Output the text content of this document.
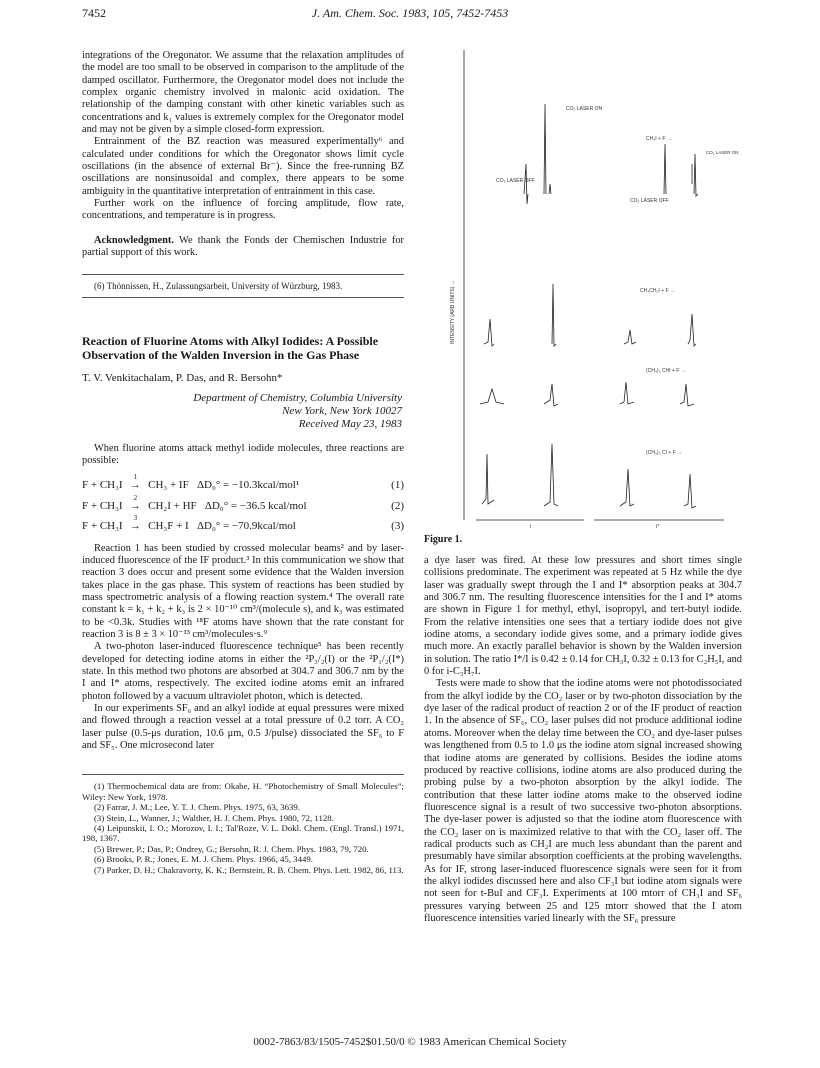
7452	J. Am. Chem. Soc. 1983, 105, 7452-7453

integrations of the Oregonator. We assume that the relaxation amplitudes of the model are too small to be observed in comparison to the amplitude of the damped oscillator. Furthermore, the Oregonator model does not include the complex organic chemistry involved in malonic acid oxidation. The relationship of the damping constant with other kinetic variables such as concentrations and k₁ values is extremely complex for the Oregonator model and may not be given by a simple closed-form expression.

Entrainment of the BZ reaction was measured experimentally⁶ and calculated under conditions for which the Oregonator shows limit cycle oscillations (in the absence of external Br⁻). Since the free-running BZ oscillations are nonsinusoidal and complex, there appears to be some ambiguity in the quantitative interpretation of entrainment in this case.

Further work on the influence of forcing amplitude, flow rate, concentrations, and temperature is in progress.

Acknowledgment. We thank the Fonds der Chemischen Industrie for partial support of this work.

(6) Thönnissen, H., Zulassungsarbeit, University of Würzburg, 1983.

Reaction of Fluorine Atoms with Alkyl Iodides: A Possible Observation of the Walden Inversion in the Gas Phase

T. V. Venkitachalam, P. Das, and R. Bersohn*

Department of Chemistry, Columbia University
New York, New York 10027
Received May 23, 1983

When fluorine atoms attack methyl iodide molecules, three reactions are possible:

F + CH₃I
1
→ CH₃ + IF ΔD₀° = −10.3kcal/mol¹	(1)
F + CH₃I
2
→ CH₂I + HF ΔD₀° = −36.5 kcal/mol	(2)
F + CH₃I
3
→ CH₃F + I ΔD₀° = −70.9kcal/mol	(3)

Reaction 1 has been studied by crossed molecular beams² and by laser-induced fluorescence of the IF product.³ In this communication we show that reaction 3 does occur and present some evidence that the Walden inversion takes place in the gas phase. This system of reactions has been studied by mass spectrometric analysis of a flowing reaction system.⁴ The overall rate constant k = k₁ + k₂ + k₃ is 2 × 10⁻¹⁰ cm³/(molecule s), and k₃ was estimated to be <0.3k. Studies with ¹⁸F atoms have shown that the rate constant for reaction 3 is 8 ± 3 × 10⁻¹³ cm³/molecules·s.⁹

A two-photon laser-induced fluorescence technique⁵ has been recently developed for detecting iodine atoms in either the ²P₃/₂(I) or the ²P₁/₂(I*) state. In this method two photons are absorbed at 304.7 and 306.7 nm by the I and I* atoms, respectively. The excited iodine atoms emit an infrared photon followed by a vacuum ultraviolet photon, which is detected.

In our experiments SF₆ and an alkyl iodide at equal pressures were mixed and flowed through a reaction vessel at a total pressure of 0.2 torr. A CO₂ laser pulse (0.5-μs duration, 10.6 μm, 0.5 J/pulse) dissociated the SF₆ to F and SF₅. One microsecond later

(1) Thermochemical data are from: Okabe, H. “Photochemistry of Small Molecules”; Wiley: New York, 1978.

(2) Farrar, J. M.; Lee, Y. T. J. Chem. Phys. 1975, 63, 3639.

(3) Stein, L., Wanner, J.; Walther, H. J. Chem. Phys. 1980, 72, 1128.

(4) Leipunskii, I. O.; Morozov, I. I.; Tal'Roze, V. L. Dokl. Chem. (Engl. Transl.) 1971, 198, 1367.

(5) Brewer, P.; Das, P.; Ondrey, G.; Bersohn, R. J. Chem. Phys. 1983, 79, 720.

(6) Brooks, P. R.; Jones, E. M. J. Chem. Phys. 1966, 45, 3449.

(7) Parker, D. H.; Chakravorty, K. K.; Bernstein, R. B. Chem. Phys. Lett. 1982, 86, 113.

INTENSITY (ARB UNITS) →
CO₂ LASER ON
CO₂ LASER OFF
CO₂ LASER OFF
CH₃I + F →
CO₂ LASER ON
CH₃CH₂I + F →
(CH₃)₂ CHI + F →
(CH₃)₃ CI + F →
I	I*
Figure 1.

a dye laser was fired. At these low pressures and short times single collisions predominate. The experiment was repeated at 5 Hz while the dye laser was gradually swept through the I and I* absorption peaks at 304.7 and 306.7 nm. The resulting fluorescence intensities for the I and I* atoms are shown in Figure 1 for methyl, ethyl, isopropyl, and tert-butyl iodide. From the relative intensities one sees that a tertiary iodide does not give iodine atoms, a secondary iodide gives some, and a primary iodide gives much more. An exactly parallel behavior is shown by the Walden inversion in solution. The ratio I*/I is 0.42 ± 0.14 for CH₃I, 0.32 ± 0.13 for C₂H₅I, and 0 for i-C₃H₇I.

Tests were made to show that the iodine atoms were not photodissociated from the alkyl iodide by the CO₂ laser or by two-photon dissociation by the dye laser of the radical product of reaction 2 or of the IF product of reaction 1. In the absence of SF₆, CO₂ laser pulses did not produce additional iodine atoms. Moreover when the delay time between the CO₂ and dye-laser pulses was lengthened from 0.5 to 1.0 μs the iodine atom signal increased showing that iodine atoms are generated by collisions. Besides the iodine atoms produced by reactive collisions, iodine atoms are also produced during the probing pulse by a two-photon absorption by the alkyl iodide. The contribution that these latter iodine atoms make to the observed iodine fluorescence signal is a result of two successive two-photon absorptions. The dye-laser power is adjusted so that the iodine atom fluorescence with the CO₂ laser on is maximized relative to that with the CO₂ laser off. The radical products such as CH₂I are much less abundant than the parent and presumably have similar absorption coefficients at the probing wavelengths. As for IF, strong laser-induced fluorescence signals were seen for it from the alkyl iodides discussed here and also CF₃I but iodine atom signals were not seen for t-BuI and CF₃I. Experiments at 100 mtorr of CH₃I and SF₆ pressures varying between 25 and 125 mtorr showed that the I atom fluorescence intensities varied linearly with the SF₆ pressure

0002-7863/83/1505-7452$01.50/0 © 1983 American Chemical Society
